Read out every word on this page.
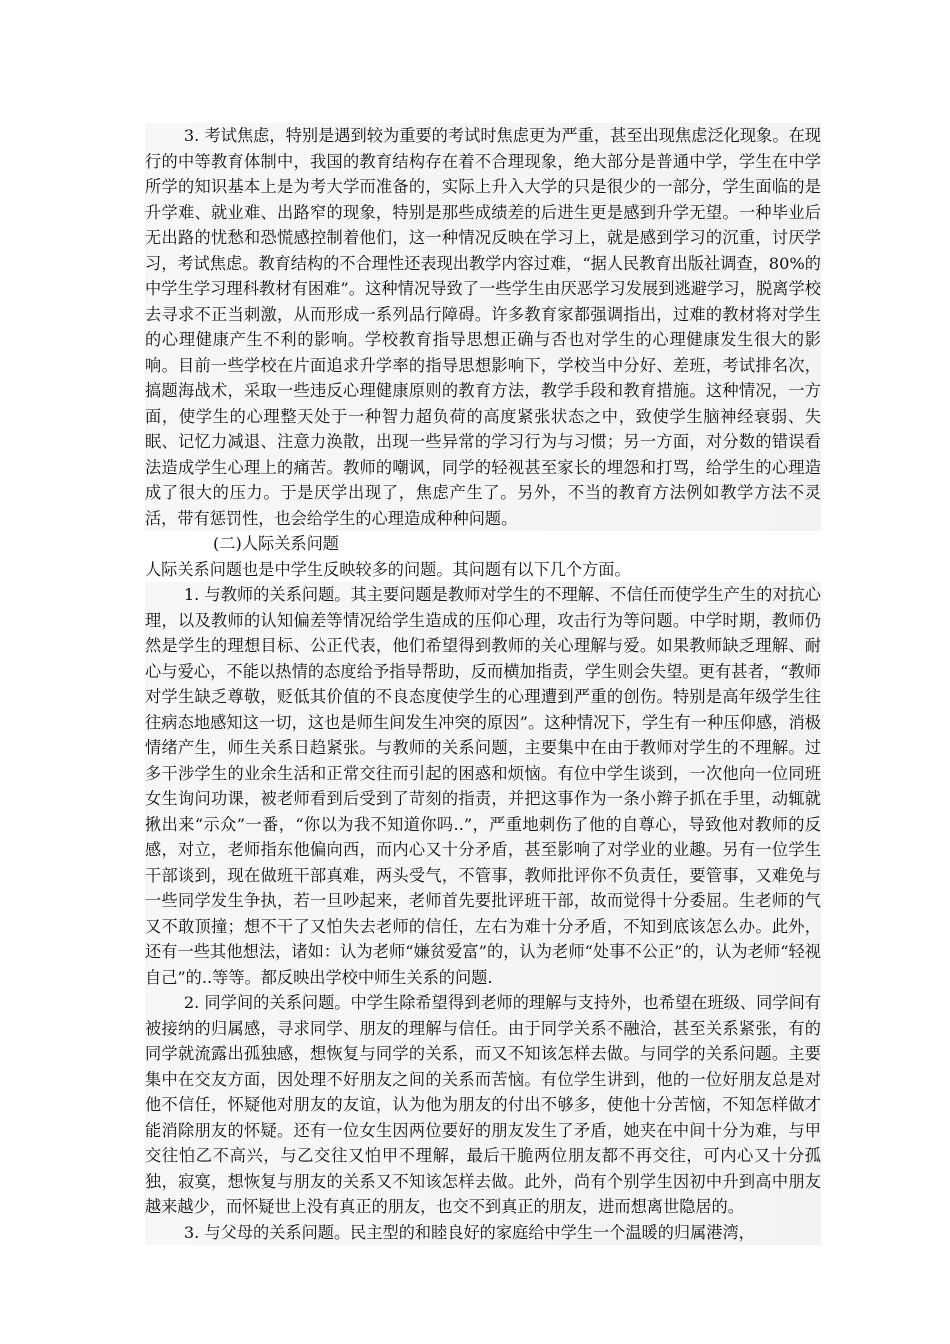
3. 考试焦虑，特别是遇到较为重要的考试时焦虑更为严重，甚至出现焦虑泛化现象。在现行的中等教育体制中，我国的教育结构存在着不合理现象，绝大部分是普通中学，学生在中学所学的知识基本上是为考大学而准备的，实际上升入大学的只是很少的一部分，学生面临的是升学难、就业难、出路窄的现象，特别是那些成绩差的后进生更是感到升学无望。一种毕业后无出路的忧愁和恐慌感控制着他们，这一种情况反映在学习上，就是感到学习的沉重，讨厌学习，考试焦虑。教育结构的不合理性还表现出教学内容过难，“据人民教育出版社调查，80%的中学生学习理科教材有困难”。这种情况导致了一些学生由厌恶学习发展到逃避学习，脱离学校去寻求不正当刺激，从而形成一系列品行障碍。许多教育家都强调指出，过难的教材将对学生的心理健康产生不利的影响。学校教育指导思想正确与否也对学生的心理健康发生很大的影响。目前一些学校在片面追求升学率的指导思想影响下，学校当中分好、差班，考试排名次，搞题海战术，采取一些违反心理健康原则的教育方法，教学手段和教育措施。这种情况，一方面，使学生的心理整天处于一种智力超负荷的高度紧张状态之中，致使学生脑神经衰弱、失眠、记忆力减退、注意力涣散，出现一些异常的学习行为与习惯；另一方面，对分数的错误看法造成学生心理上的痛苦。教师的嘲讽，同学的轻视甚至家长的埋怨和打骂，给学生的心理造成了很大的压力。于是厌学出现了，焦虑产生了。另外，不当的教育方法例如教学方法不灵活，带有惩罚性，也会给学生的心理造成种种问题。

(二)人际关系问题

人际关系问题也是中学生反映较多的问题。其问题有以下几个方面。

1. 与教师的关系问题。其主要问题是教师对学生的不理解、不信任而使学生产生的对抗心理，以及教师的认知偏差等情况给学生造成的压仰心理，攻击行为等问题。中学时期，教师仍然是学生的理想目标、公正代表，他们希望得到教师的关心理解与爱。如果教师缺乏理解、耐心与爱心，不能以热情的态度给予指导帮助，反而横加指责，学生则会失望。更有甚者，“教师对学生缺乏尊敬，贬低其价值的不良态度使学生的心理遭到严重的创伤。特别是高年级学生往往病态地感知这一切，这也是师生间发生冲突的原因”。这种情况下，学生有一种压仰感，消极情绪产生，师生关系日趋紧张。与教师的关系问题，主要集中在由于教师对学生的不理解。过多干涉学生的业余生活和正常交往而引起的困惑和烦恼。有位中学生谈到，一次他向一位同班女生询问功课，被老师看到后受到了苛刻的指责，并把这事作为一条小辫子抓在手里，动辄就揪出来“示众”一番，“你以为我不知道你吗..”，严重地刺伤了他的自尊心，导致他对教师的反感，对立，老师指东他偏向西，而内心又十分矛盾，甚至影响了对学业的业趣。另有一位学生干部谈到，现在做班干部真难，两头受气，不管事，教师批评你不负责任，要管事，又难免与一些同学发生争执，若一旦吵起来，老师首先要批评班干部，故而觉得十分委屈。生老师的气又不敢顶撞；想不干了又怕失去老师的信任，左右为难十分矛盾，不知到底该怎么办。此外，还有一些其他想法，诸如：认为老师“嫌贫爱富”的，认为老师“处事不公正”的，认为老师“轻视自己”的..等等。都反映出学校中师生关系的问题.

2. 同学间的关系问题。中学生除希望得到老师的理解与支持外，也希望在班级、同学间有被接纳的归属感，寻求同学、朋友的理解与信任。由于同学关系不融洽，甚至关系紧张，有的同学就流露出孤独感，想恢复与同学的关系，而又不知该怎样去做。与同学的关系问题。主要集中在交友方面，因处理不好朋友之间的关系而苦恼。有位学生讲到，他的一位好朋友总是对他不信任，怀疑他对朋友的友谊，认为他为朋友的付出不够多，使他十分苦恼，不知怎样做才能消除朋友的怀疑。还有一位女生因两位要好的朋友发生了矛盾，她夹在中间十分为难，与甲交往怕乙不高兴，与乙交往又怕甲不理解，最后干脆两位朋友都不再交往，可内心又十分孤独，寂寞，想恢复与朋友的关系又不知该怎样去做。此外，尚有个别学生因初中升到高中朋友越来越少，而怀疑世上没有真正的朋友，也交不到真正的朋友，进而想离世隐居的。

3. 与父母的关系问题。民主型的和睦良好的家庭给中学生一个温暖的归属港湾，
